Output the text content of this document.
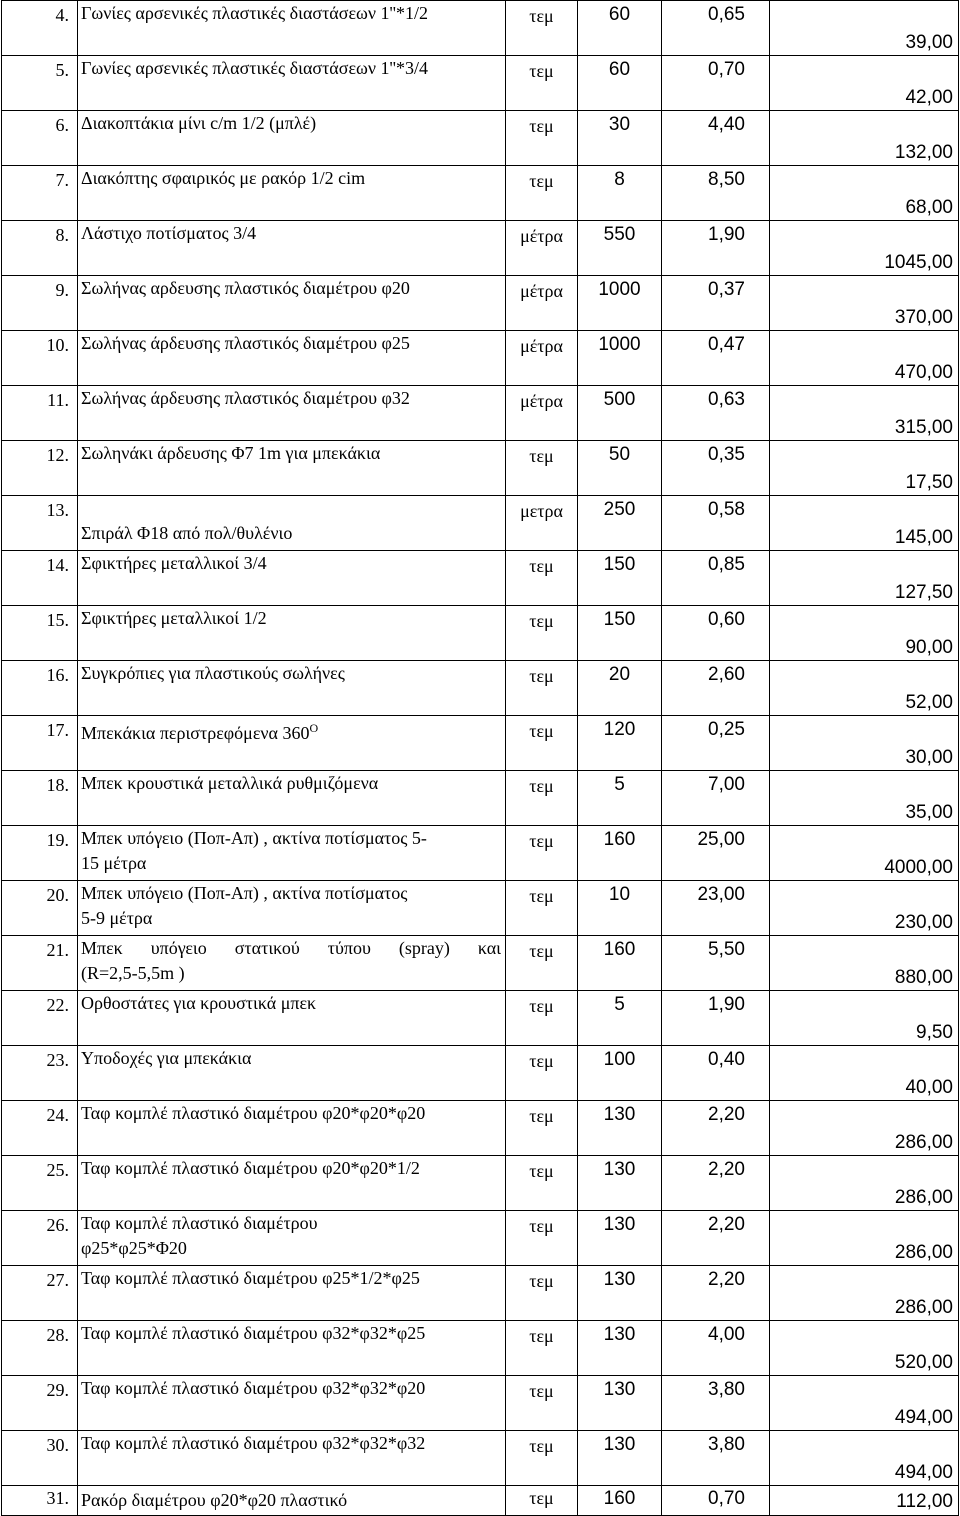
4.	Γωνίες αρσενικές πλαστικές διαστάσεων 1''*1/2	τεμ	60	0,65	39,00
5.	Γωνίες αρσενικές πλαστικές διαστάσεων 1''*3/4	τεμ	60	0,70	42,00
6.	Διακοπτάκια μίνι c/m 1/2 (μπλέ)	τεμ	30	4,40	132,00
7.	Διακόπτης σφαιρικός με ρακόρ 1/2 cim	τεμ	8	8,50	68,00
8.	Λάστιχο ποτίσματος 3/4	μέτρα	550	1,90	1045,00
9.	Σωλήνας αρδευσης πλαστικός διαμέτρου φ20	μέτρα	1000	0,37	370,00
10.	Σωλήνας άρδευσης πλαστικός διαμέτρου φ25	μέτρα	1000	0,47	470,00
11.	Σωλήνας άρδευσης πλαστικός διαμέτρου φ32	μέτρα	500	0,63	315,00
12.	Σωληνάκι άρδευσης Φ7 1m για μπεκάκια	τεμ	50	0,35	17,50
13.	Σπιράλ Φ18 από πολ/θυλένιο	μετρα	250	0,58	145,00
14.	Σφικτήρες μεταλλικοί 3/4	τεμ	150	0,85	127,50
15.	Σφικτήρες μεταλλικοί 1/2	τεμ	150	0,60	90,00
16.	Συγκρόπιες για πλαστικούς σωλήνες	τεμ	20	2,60	52,00
17.	Μπεκάκια περιστρεφόμενα $360^O$	τεμ	120	0,25	30,00
18.	Μπεκ κρουστικά μεταλλικά ρυθμιζόμενα	τεμ	5	7,00	35,00
19.	Μπεκ υπόγειο (Ποπ-Απ) , ακτίνα ποτίσματος 5-
15 μέτρα	τεμ	160	25,00	4000,00
20.	Μπεκ υπόγειο (Ποπ-Απ) , ακτίνα ποτίσματος
5-9 μέτρα	τεμ	10	23,00	230,00
21.	Μπεκ υπόγειο στατικού τύπου (spray) και
(R=2,5-5,5m )	τεμ	160	5,50	880,00
22.	Ορθοστάτες για κρουστικά μπεκ	τεμ	5	1,90	9,50
23.	Υποδοχές για μπεκάκια	τεμ	100	0,40	40,00
24.	Ταφ κομπλέ πλαστικό διαμέτρου φ20*φ20*φ20	τεμ	130	2,20	286,00
25.	Ταφ κομπλέ πλαστικό διαμέτρου φ20*φ20*1/2	τεμ	130	2,20	286,00
26.	Ταφ κομπλέ πλαστικό διαμέτρου
φ25*φ25*Φ20	τεμ	130	2,20	286,00
27.	Ταφ κομπλέ πλαστικό διαμέτρου φ25*1/2*φ25	τεμ	130	2,20	286,00
28.	Ταφ κομπλέ πλαστικό διαμέτρου φ32*φ32*φ25	τεμ	130	4,00	520,00
29.	Ταφ κομπλέ πλαστικό διαμέτρου φ32*φ32*φ20	τεμ	130	3,80	494,00
30.	Ταφ κομπλέ πλαστικό διαμέτρου φ32*φ32*φ32	τεμ	130	3,80	494,00
31.	Ρακόρ διαμέτρου φ20*φ20 πλαστικό	τεμ	160	0,70	112,00
